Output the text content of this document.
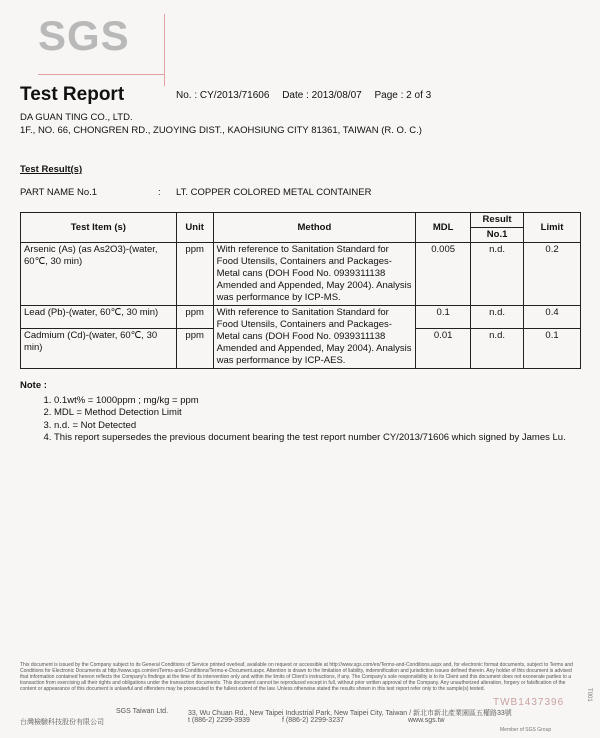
SGS
Test Report	No. : CY/2013/71606 Date : 2013/08/07 Page : 2 of 3
DA GUAN TING CO., LTD.
1F., NO. 66, CHONGREN RD., ZUOYING DIST., KAOHSIUNG CITY 81361, TAIWAN (R. O. C.)
Test Result(s)
PART NAME No.1	: LT. COPPER COLORED METAL CONTAINER
Test Item (s)	Unit	Method	MDL	Result	Limit
				No.1	
Arsenic (As) (as As2O3)-(water, 60℃, 30 min)	ppm	With reference to Sanitation Standard for Food Utensils, Containers and Packages-Metal cans (DOH Food No. 0939311138 Amended and Appended, May 2004). Analysis was performance by ICP-MS.	0.005	n.d.	0.2
Lead (Pb)-(water, 60℃, 30 min)	ppm	With reference to Sanitation Standard for Food Utensils, Containers and Packages-Metal cans (DOH Food No. 0939311138 Amended and Appended, May 2004). Analysis was performance by ICP-AES.	0.1	n.d.	0.4
Cadmium (Cd)-(water, 60℃, 30 min)	ppm		0.01	n.d.	0.1
Note :
1. 0.1wt% = 1000ppm ; mg/kg = ppm
2. MDL = Method Detection Limit
3. n.d. = Not Detected
4. This report supersedes the previous document bearing the test report number CY/2013/71606 which signed by James Lu.
This document is issued by the Company subject to its General Conditions of Service printed overleaf, available on request or accessible at http://www.sgs.com/en/Terms-and-Conditions.aspx and, for electronic format documents, subject to Terms and Conditions for Electronic Documents at http://www.sgs.com/en/Terms-and-Conditions/Terms-e-Document.aspx. Attention is drawn to the limitation of liability, indemnification and jurisdiction issues defined therein. Any holder of this document is advised that information contained hereon reflects the Company's findings at the time of its intervention only and within the limits of Client's instructions, if any. The Company's sole responsibility is to its Client and this document does not exonerate parties to a transaction from exercising all their rights and obligations under the transaction documents. This document cannot be reproduced except in full, without prior written approval of the Company. Any unauthorized alteration, forgery or falsification of the content or appearance of this document is unlawful and offenders may be prosecuted to the fullest extent of the law. Unless otherwise stated the results shown in this test report refer only to the sample(s) tested.
SGS Taiwan Ltd.	33, Wu Chuan Rd., New Taipei Industrial Park, New Taipei City, Taiwan / 新北市新北產業園區五權路33號
台灣檢驗科技股份有限公司	t (886-2) 2299-3939	f (886-2) 2299-3237	www.sgs.tw
TWB1437396
Member of SGS Group
T001
